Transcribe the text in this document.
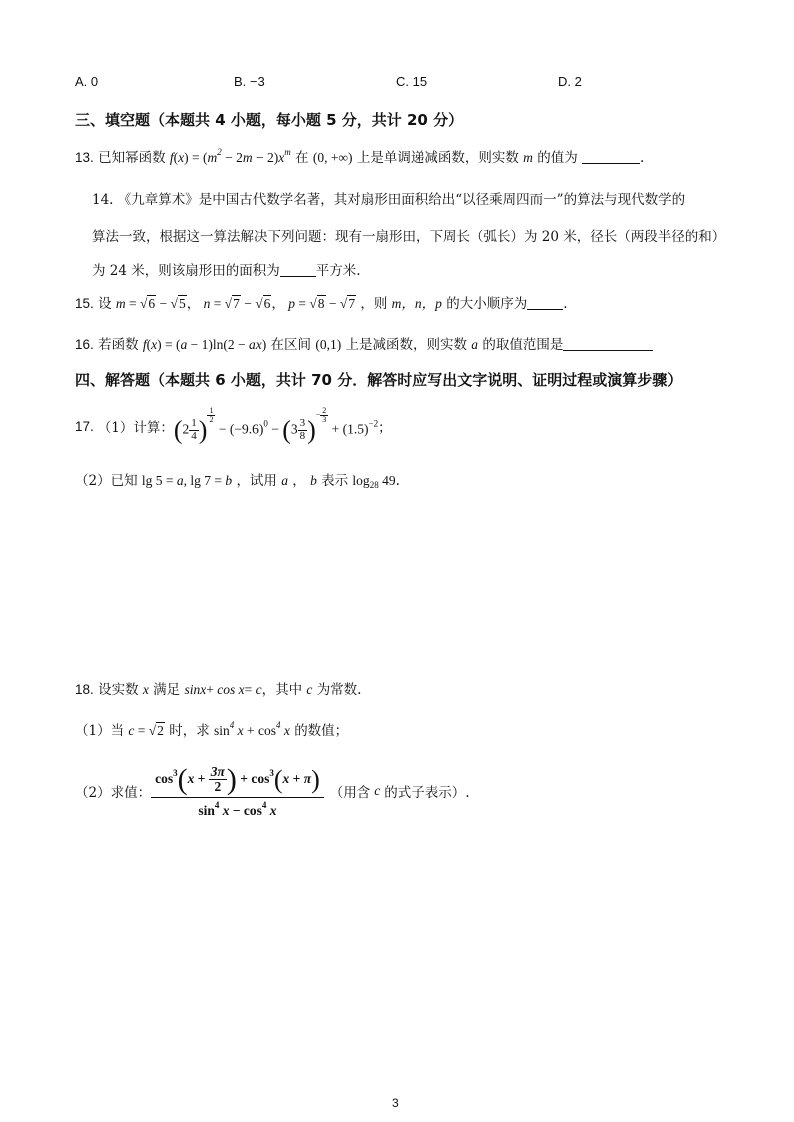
A. 0	B. −3	C. 15	D. 2
三、填空题（本题共 4 小题，每小题 5 分，共计 20 分）
13. 已知幂函数 $f(x) = (m^2 - 2m - 2)x^m$ 在 (0, +∞) 上是单调递减函数，则实数 m 的值为	.
14. 《九章算术》是中国古代数学名著，其对扇形田面积给出“以径乘周四而一”的算法与现代数学的
算法一致，根据这一算法解决下列问题：现有一扇形田，下周长（弧长）为 20 米，径长（两段半径的和）
为 24 米，则该扇形田的面积为	平方米.
15. 设 m = √6 − √5， n = √7 − √6， p = √8 − √7 ，则 m，n，p 的大小顺序为	.
16. 若函数 f(x) = (a − 1)ln(2 − ax) 在区间 (0,1) 上是减函数，则实数 a 的取值范围是
四、解答题（本题共 6 小题，共计 70 分．解答时应写出文字说明、证明过程或演算步骤）
17. （1）计算： ($2 \frac{1}{4}$ ) $^{\frac{1}{2}}$
− $(-9.6)^0 - (3 \frac{3}{8} )^{- \frac{2}{3}}$
+ $(1.5)^{-2}$ ；
（2）已知 lg 5 = a, lg 7 = b ，试用 a ， b 表示 $\log_{28} 49$.
18. 设实数 x 满足 sinx+ cos x= c，其中 c 为常数.
（1）当 c = √2 时，求 $\sin^4 x + \cos^4 x$ 的数值；
（2）求值： $\frac{\cos^3(x + \frac{3\pi}{2} ) + \cos^3(x + \pi)}{\sin^4 x - \cos^4 x}$ （用含 c 的式子表示）.
3
